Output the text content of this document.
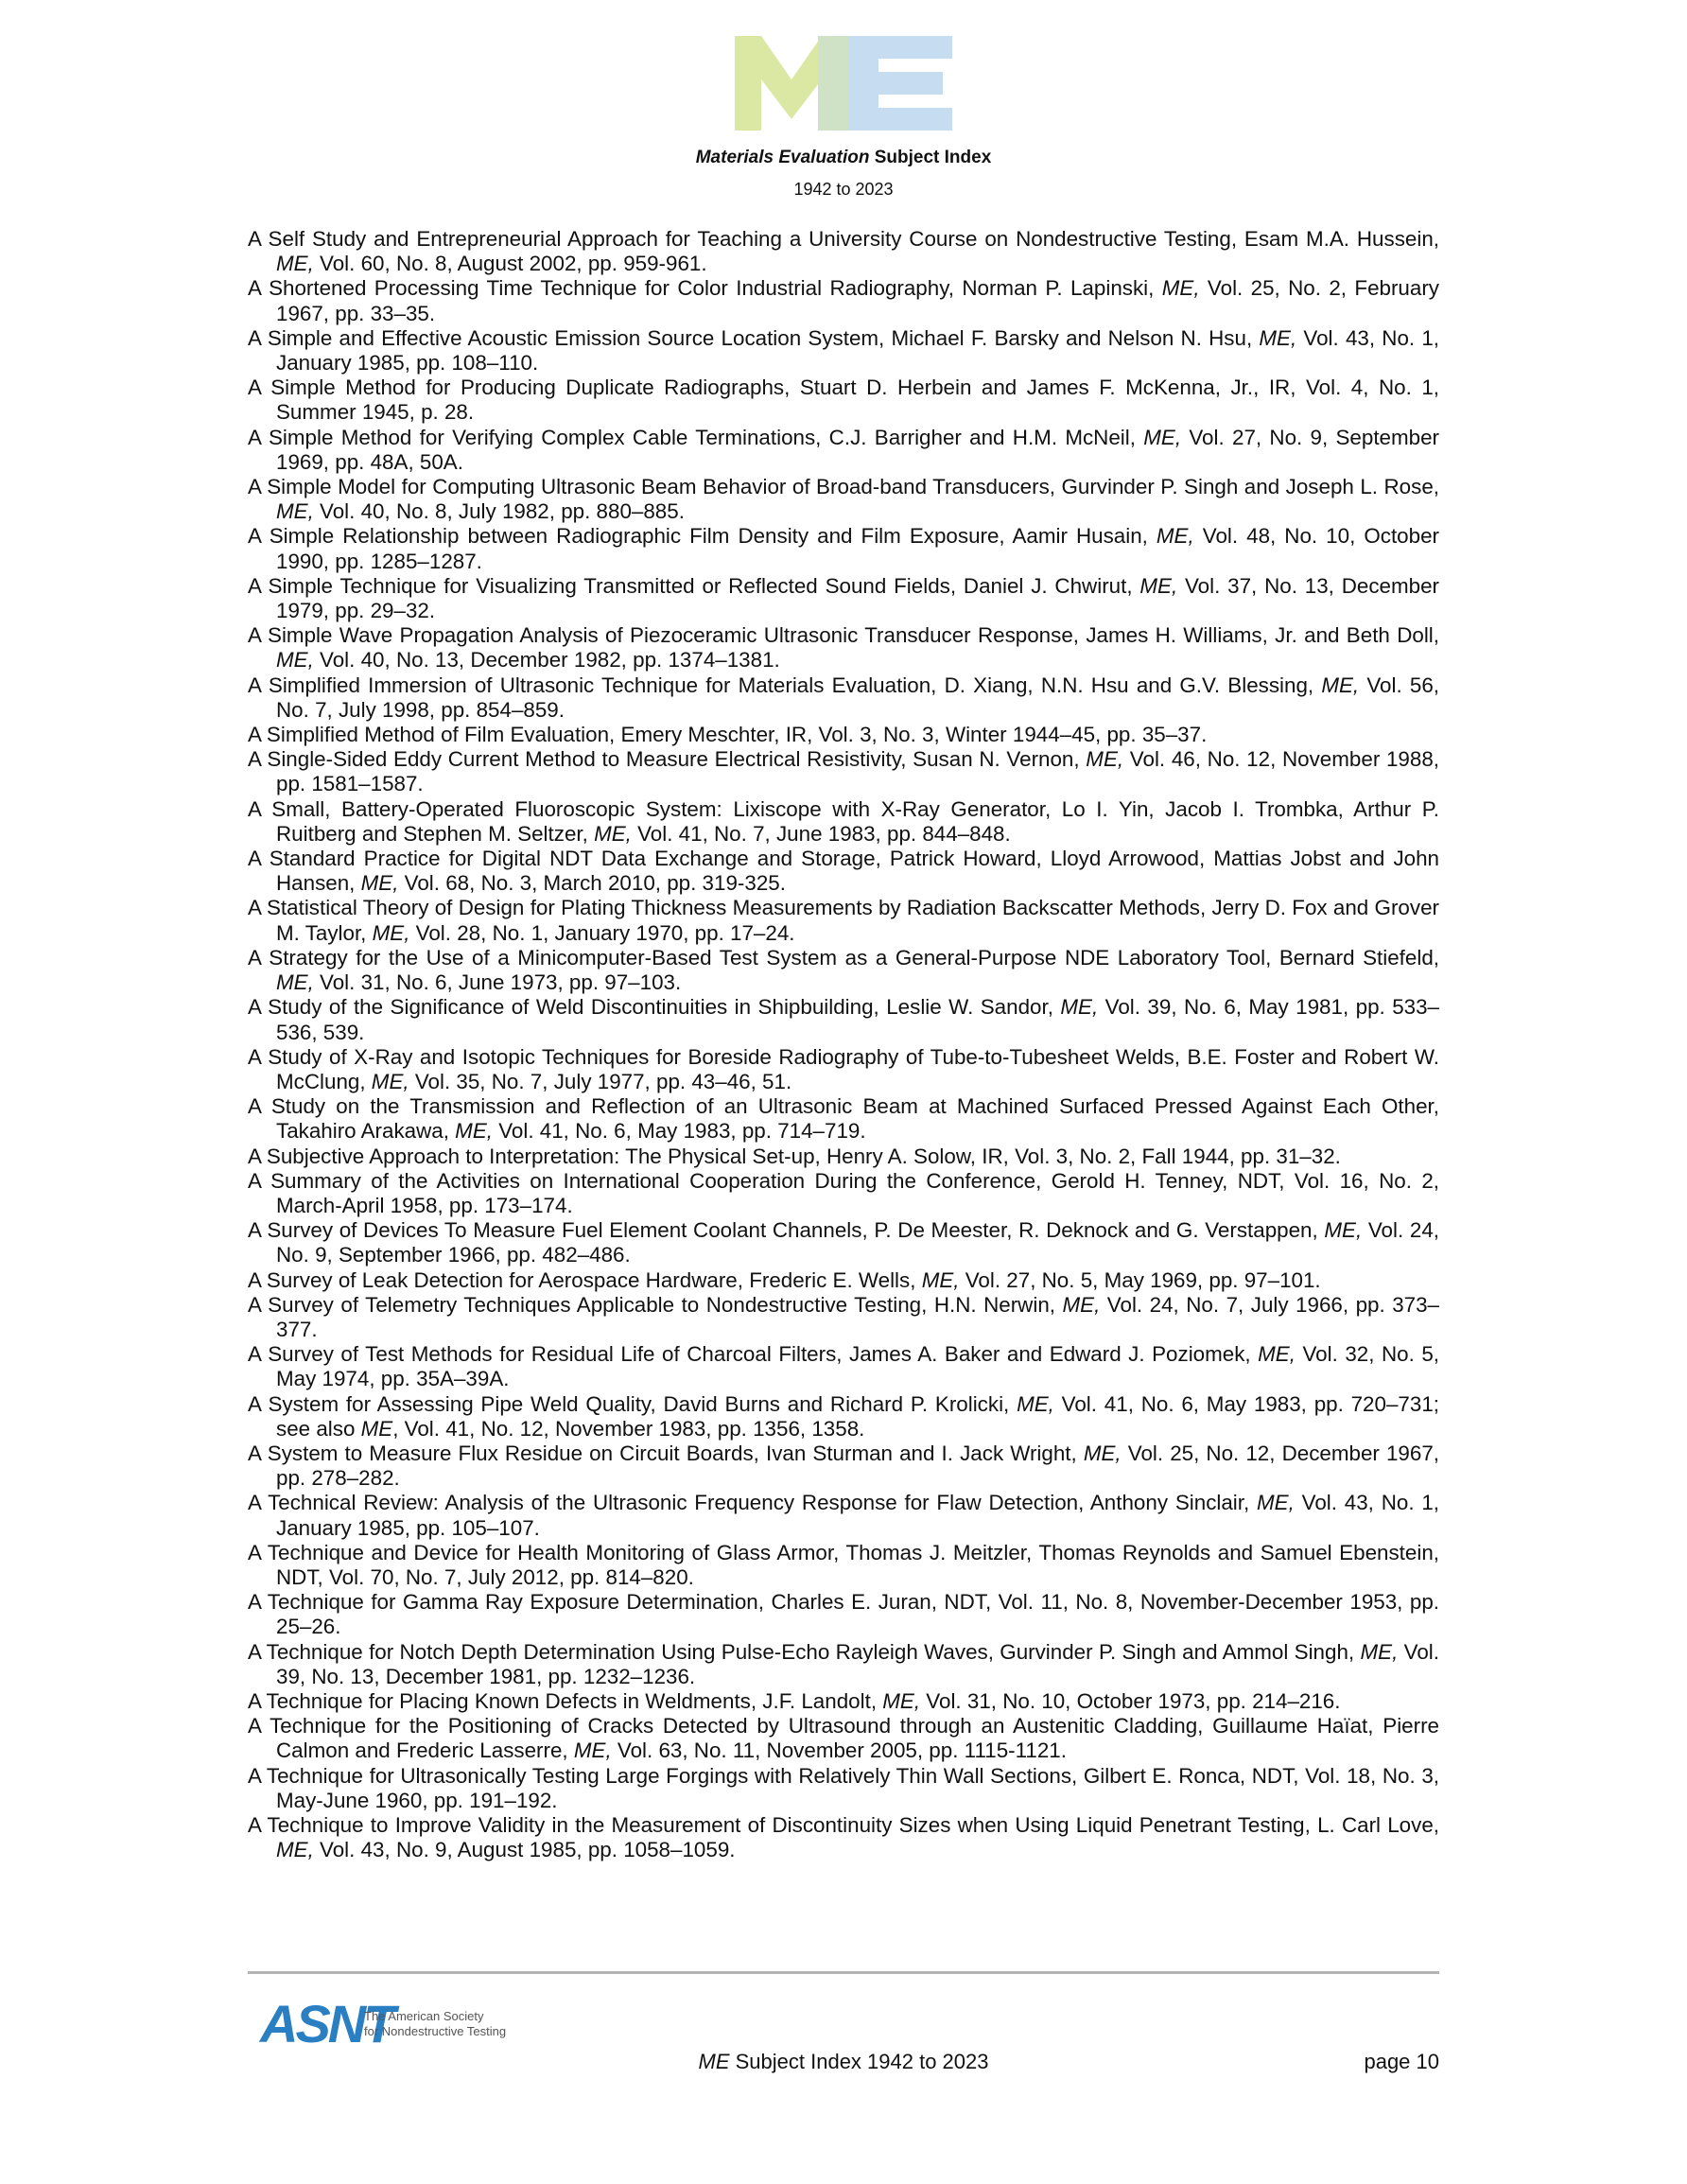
Materials Evaluation Subject Index
1942 to 2023
A Self Study and Entrepreneurial Approach for Teaching a University Course on Nondestructive Testing, Esam M.A. Hussein, ME, Vol. 60, No. 8, August 2002, pp. 959-961.
A Shortened Processing Time Technique for Color Industrial Radiography, Norman P. Lapinski, ME, Vol. 25, No. 2, February 1967, pp. 33–35.
A Simple and Effective Acoustic Emission Source Location System, Michael F. Barsky and Nelson N. Hsu, ME, Vol. 43, No. 1, January 1985, pp. 108–110.
A Simple Method for Producing Duplicate Radiographs, Stuart D. Herbein and James F. McKenna, Jr., IR, Vol. 4, No. 1, Summer 1945, p. 28.
A Simple Method for Verifying Complex Cable Terminations, C.J. Barrigher and H.M. McNeil, ME, Vol. 27, No. 9, September 1969, pp. 48A, 50A.
A Simple Model for Computing Ultrasonic Beam Behavior of Broad-band Transducers, Gurvinder P. Singh and Joseph L. Rose, ME, Vol. 40, No. 8, July 1982, pp. 880–885.
A Simple Relationship between Radiographic Film Density and Film Exposure, Aamir Husain, ME, Vol. 48, No. 10, October 1990, pp. 1285–1287.
A Simple Technique for Visualizing Transmitted or Reflected Sound Fields, Daniel J. Chwirut, ME, Vol. 37, No. 13, December 1979, pp. 29–32.
A Simple Wave Propagation Analysis of Piezoceramic Ultrasonic Transducer Response, James H. Williams, Jr. and Beth Doll, ME, Vol. 40, No. 13, December 1982, pp. 1374–1381.
A Simplified Immersion of Ultrasonic Technique for Materials Evaluation, D. Xiang, N.N. Hsu and G.V. Blessing, ME, Vol. 56, No. 7, July 1998, pp. 854–859.
A Simplified Method of Film Evaluation, Emery Meschter, IR, Vol. 3, No. 3, Winter 1944–45, pp. 35–37.
A Single-Sided Eddy Current Method to Measure Electrical Resistivity, Susan N. Vernon, ME, Vol. 46, No. 12, November 1988, pp. 1581–1587.
A Small, Battery-Operated Fluoroscopic System: Lixiscope with X-Ray Generator, Lo I. Yin, Jacob I. Trombka, Arthur P. Ruitberg and Stephen M. Seltzer, ME, Vol. 41, No. 7, June 1983, pp. 844–848.
A Standard Practice for Digital NDT Data Exchange and Storage, Patrick Howard, Lloyd Arrowood, Mattias Jobst and John Hansen, ME, Vol. 68, No. 3, March 2010, pp. 319-325.
A Statistical Theory of Design for Plating Thickness Measurements by Radiation Backscatter Methods, Jerry D. Fox and Grover M. Taylor, ME, Vol. 28, No. 1, January 1970, pp. 17–24.
A Strategy for the Use of a Minicomputer-Based Test System as a General-Purpose NDE Laboratory Tool, Bernard Stiefeld, ME, Vol. 31, No. 6, June 1973, pp. 97–103.
A Study of the Significance of Weld Discontinuities in Shipbuilding, Leslie W. Sandor, ME, Vol. 39, No. 6, May 1981, pp. 533–536, 539.
A Study of X-Ray and Isotopic Techniques for Boreside Radiography of Tube-to-Tubesheet Welds, B.E. Foster and Robert W. McClung, ME, Vol. 35, No. 7, July 1977, pp. 43–46, 51.
A Study on the Transmission and Reflection of an Ultrasonic Beam at Machined Surfaced Pressed Against Each Other, Takahiro Arakawa, ME, Vol. 41, No. 6, May 1983, pp. 714–719.
A Subjective Approach to Interpretation: The Physical Set-up, Henry A. Solow, IR, Vol. 3, No. 2, Fall 1944, pp. 31–32.
A Summary of the Activities on International Cooperation During the Conference, Gerold H. Tenney, NDT, Vol. 16, No. 2, March-April 1958, pp. 173–174.
A Survey of Devices To Measure Fuel Element Coolant Channels, P. De Meester, R. Deknock and G. Verstappen, ME, Vol. 24, No. 9, September 1966, pp. 482–486.
A Survey of Leak Detection for Aerospace Hardware, Frederic E. Wells, ME, Vol. 27, No. 5, May 1969, pp. 97–101.
A Survey of Telemetry Techniques Applicable to Nondestructive Testing, H.N. Nerwin, ME, Vol. 24, No. 7, July 1966, pp. 373–377.
A Survey of Test Methods for Residual Life of Charcoal Filters, James A. Baker and Edward J. Poziomek, ME, Vol. 32, No. 5, May 1974, pp. 35A–39A.
A System for Assessing Pipe Weld Quality, David Burns and Richard P. Krolicki, ME, Vol. 41, No. 6, May 1983, pp. 720–731; see also ME, Vol. 41, No. 12, November 1983, pp. 1356, 1358.
A System to Measure Flux Residue on Circuit Boards, Ivan Sturman and I. Jack Wright, ME, Vol. 25, No. 12, December 1967, pp. 278–282.
A Technical Review: Analysis of the Ultrasonic Frequency Response for Flaw Detection, Anthony Sinclair, ME, Vol. 43, No. 1, January 1985, pp. 105–107.
A Technique and Device for Health Monitoring of Glass Armor, Thomas J. Meitzler, Thomas Reynolds and Samuel Ebenstein, NDT, Vol. 70, No. 7, July 2012, pp. 814–820.
A Technique for Gamma Ray Exposure Determination, Charles E. Juran, NDT, Vol. 11, No. 8, November-December 1953, pp. 25–26.
A Technique for Notch Depth Determination Using Pulse-Echo Rayleigh Waves, Gurvinder P. Singh and Ammol Singh, ME, Vol. 39, No. 13, December 1981, pp. 1232–1236.
A Technique for Placing Known Defects in Weldments, J.F. Landolt, ME, Vol. 31, No. 10, October 1973, pp. 214–216.
A Technique for the Positioning of Cracks Detected by Ultrasound through an Austenitic Cladding, Guillaume Haïat, Pierre Calmon and Frederic Lasserre, ME, Vol. 63, No. 11, November 2005, pp. 1115-1121.
A Technique for Ultrasonically Testing Large Forgings with Relatively Thin Wall Sections, Gilbert E. Ronca, NDT, Vol. 18, No. 3, May-June 1960, pp. 191–192.
A Technique to Improve Validity in the Measurement of Discontinuity Sizes when Using Liquid Penetrant Testing, L. Carl Love, ME, Vol. 43, No. 9, August 1985, pp. 1058–1059.
ASNT
The American Society
for Nondestructive Testing
ME Subject Index 1942 to 2023	page 10
